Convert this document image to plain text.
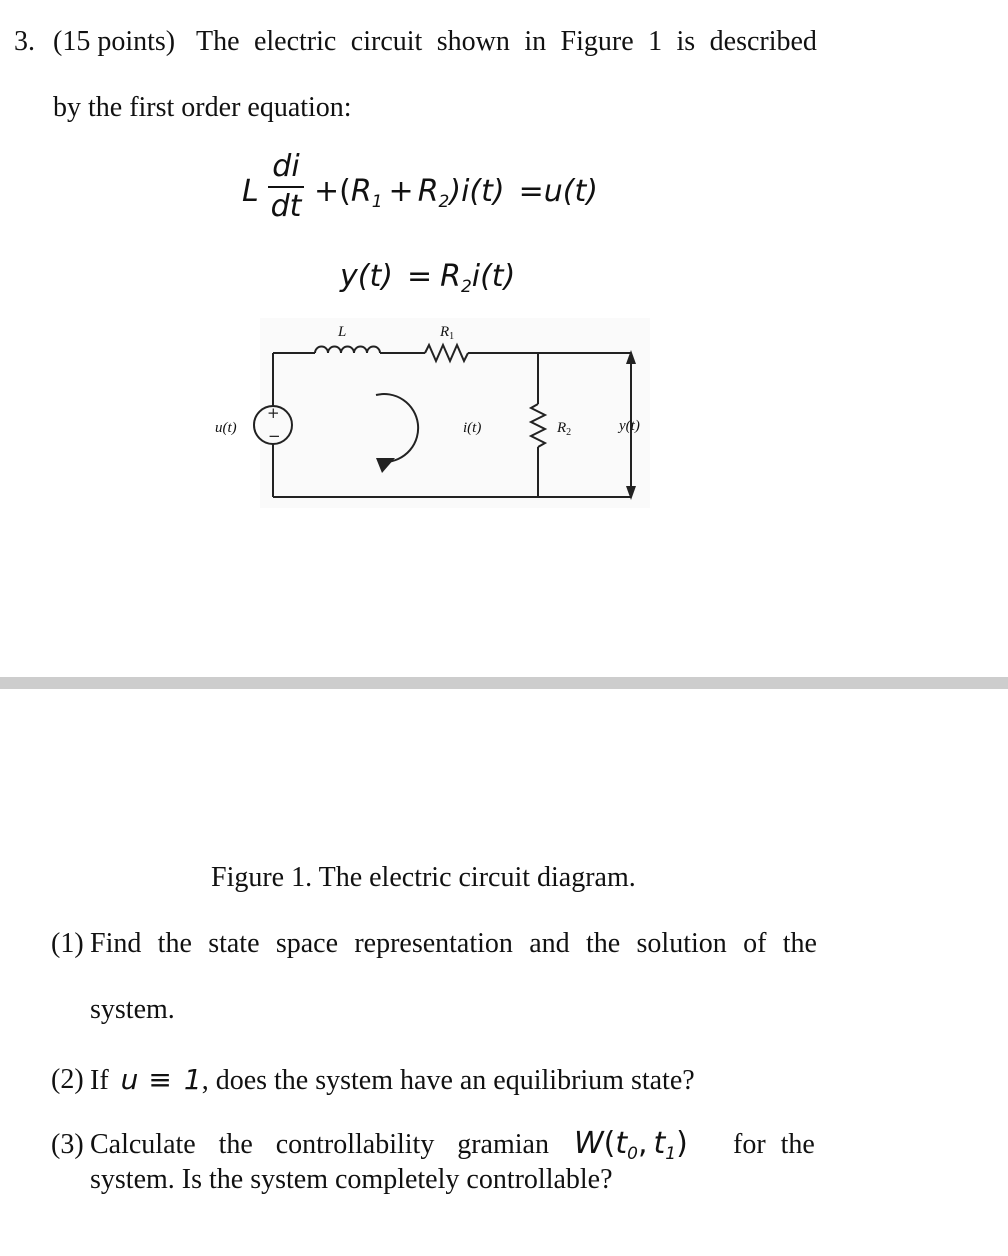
3. (15 points) The electric circuit shown in Figure 1 is described
by the first order equation:
L
di
dt $+(R_1 + R_2)i(t) =u(t)$
$y(t) = R_2i(t)$
+
−
L	$R_1$
u(t)	i(t)	$R_2$	y(t)
Figure 1. The electric circuit diagram.
(1) Find the state space representation and the solution of the
system.
(2) If u ≡ 1, does the system have an equilibrium state?
(3) Calculate the controllability gramian $W(t_0$, $t_1$) for the
system. Is the system completely controllable?
